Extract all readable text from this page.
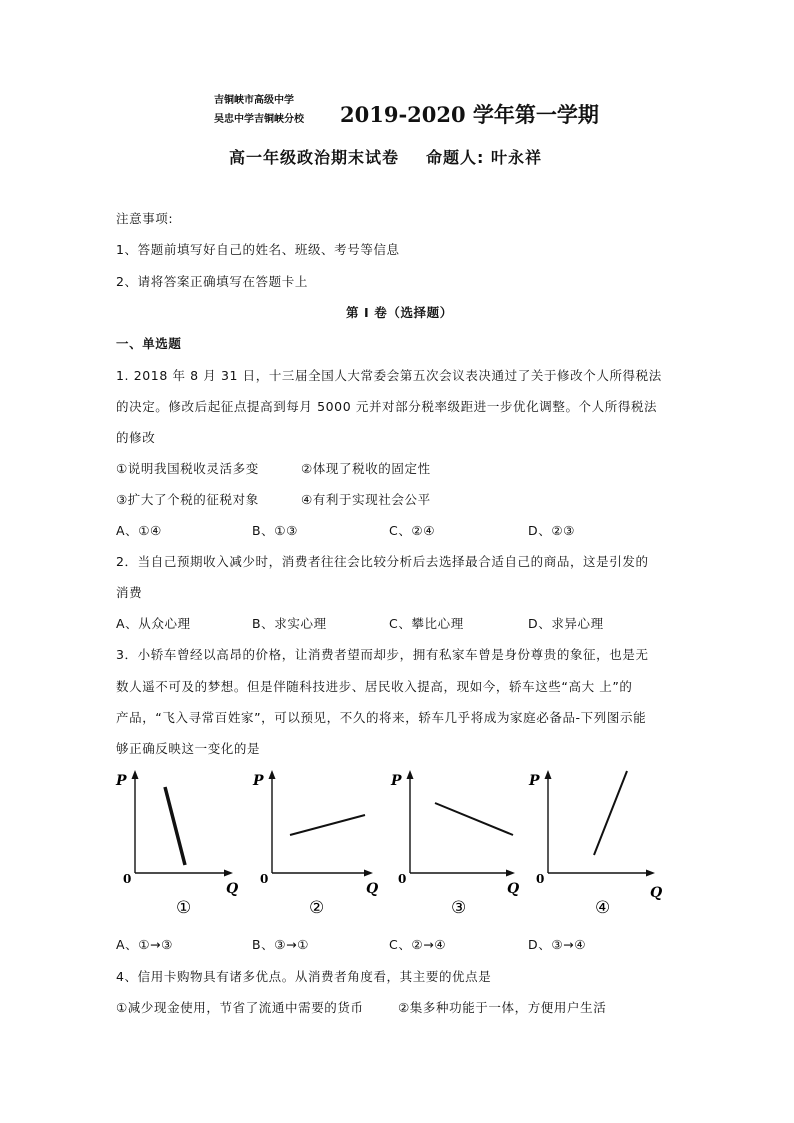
吉铜峡市高级中学
吴忠中学吉铜峡分校 2019-2020 学年第一学期
高一年级政治期末试卷 命题人: 叶永祥
注意事项:
1、答题前填写好自己的姓名、班级、考号等信息
2、请将答案正确填写在答题卡上
第 I 卷（选择题）
一、单选题
1. 2018 年 8 月 31 日，十三届全国人大常委会第五次会议表决通过了关于修改个人所得税法
的决定。修改后起征点提高到每月 5000 元并对部分税率级距进一步优化调整。个人所得税法
的修改
①说明我国税收灵活多变	②体现了税收的固定性
③扩大了个税的征税对象	④有利于实现社会公平
A、①④	B、①③	C、②④	D、②③
2．当自己预期收入减少时，消费者往往会比较分析后去选择最合适自己的商品，这是引发的
消费
A、从众心理	B、求实心理	C、攀比心理	D、求异心理
3．小轿车曾经以高昂的价格，让消费者望而却步，拥有私家车曾是身份尊贵的象征，也是无
数人遥不可及的梦想。但是伴随科技进步、居民收入提高，现如今，轿车这些“高大 上”的
产品，“飞入寻常百姓家”，可以预见，不久的将来，轿车几乎将成为家庭必备品-下列图示能
够正确反映这一变化的是
P
0
Q
①
P
0
Q
②
P
0
Q
③
P
0
Q
④
A、①→③	B、③→①	C、②→④	D、③→④
4、信用卡购物具有诸多优点。从消费者角度看，其主要的优点是
①减少现金使用，节省了流通中需要的货币	②集多种功能于一体，方便用户生活
